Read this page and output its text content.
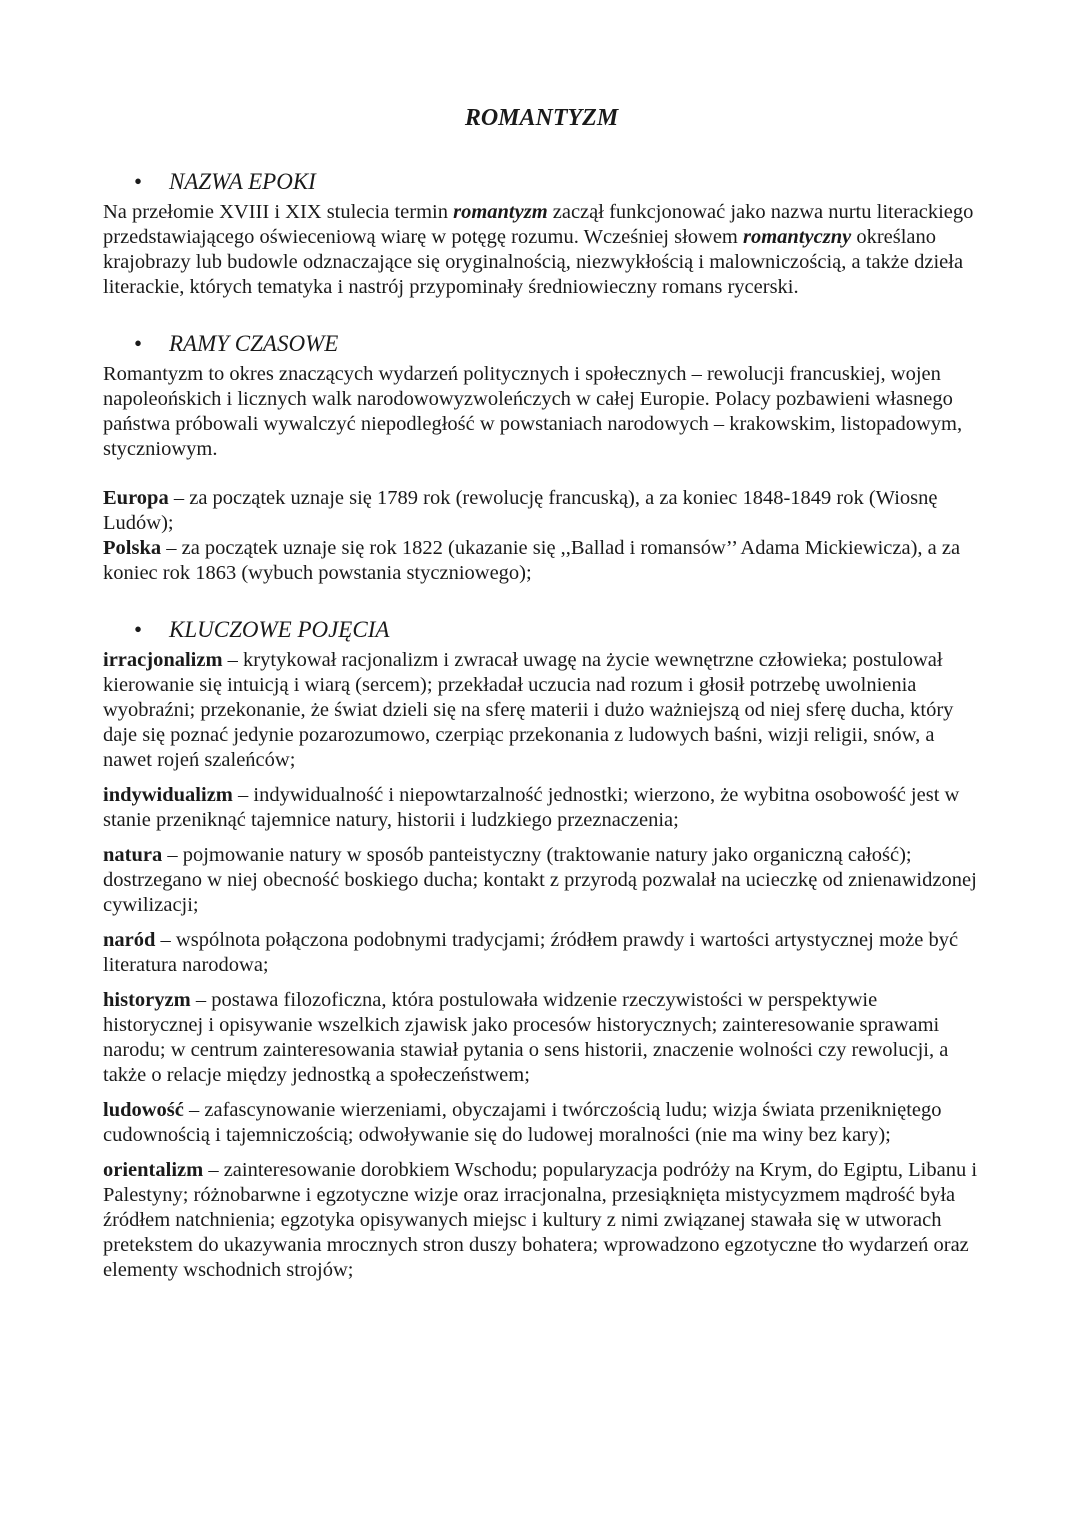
ROMANTYZM
•	NAZWA EPOKI

Na przełomie XVIII i XIX stulecia termin romantyzm zaczął funkcjonować jako nazwa nurtu literackiego przedstawiającego oświeceniową wiarę w potęgę rozumu. Wcześniej słowem romantyczny określano krajobrazy lub budowle odznaczające się oryginalnością, niezwykłością i malowniczością, a także dzieła literackie, których tematyka i nastrój przypominały średniowieczny romans rycerski.

•	RAMY CZASOWE

Romantyzm to okres znaczących wydarzeń politycznych i społecznych – rewolucji francuskiej, wojen napoleońskich i licznych walk narodowowyzwoleńczych w całej Europie. Polacy pozbawieni własnego państwa próbowali wywalczyć niepodległość w powstaniach narodowych – krakowskim, listopadowym, styczniowym.

Europa – za początek uznaje się 1789 rok (rewolucję francuską), a za koniec 1848-1849 rok (Wiosnę Ludów);

Polska – za początek uznaje się rok 1822 (ukazanie się ,,Ballad i romansów’’ Adama Mickiewicza), a za koniec rok 1863 (wybuch powstania styczniowego);

•	KLUCZOWE POJĘCIA

irracjonalizm – krytykował racjonalizm i zwracał uwagę na życie wewnętrzne człowieka; postulował kierowanie się intuicją i wiarą (sercem); przekładał uczucia nad rozum i głosił potrzebę uwolnienia wyobraźni; przekonanie, że świat dzieli się na sferę materii i dużo ważniejszą od niej sferę ducha, który daje się poznać jedynie pozarozumowo, czerpiąc przekonania z ludowych baśni, wizji religii, snów, a nawet rojeń szaleńców;

indywidualizm – indywidualność i niepowtarzalność jednostki; wierzono, że wybitna osobowość jest w stanie przeniknąć tajemnice natury, historii i ludzkiego przeznaczenia;

natura – pojmowanie natury w sposób panteistyczny (traktowanie natury jako organiczną całość); dostrzegano w niej obecność boskiego ducha; kontakt z przyrodą pozwalał na ucieczkę od znienawidzonej cywilizacji;

naród – wspólnota połączona podobnymi tradycjami; źródłem prawdy i wartości artystycznej może być literatura narodowa;

historyzm – postawa filozoficzna, która postulowała widzenie rzeczywistości w perspektywie historycznej i opisywanie wszelkich zjawisk jako procesów historycznych; zainteresowanie sprawami narodu; w centrum zainteresowania stawiał pytania o sens historii, znaczenie wolności czy rewolucji, a także o relacje między jednostką a społeczeństwem;

ludowość – zafascynowanie wierzeniami, obyczajami i twórczością ludu; wizja świata przenikniętego cudownością i tajemniczością; odwoływanie się do ludowej moralności (nie ma winy bez kary);

orientalizm – zainteresowanie dorobkiem Wschodu; popularyzacja podróży na Krym, do Egiptu, Libanu i Palestyny; różnobarwne i egzotyczne wizje oraz irracjonalna, przesiąknięta mistycyzmem mądrość była źródłem natchnienia; egzotyka opisywanych miejsc i kultury z nimi związanej stawała się w utworach pretekstem do ukazywania mrocznych stron duszy bohatera; wprowadzono egzotyczne tło wydarzeń oraz elementy wschodnich strojów;
